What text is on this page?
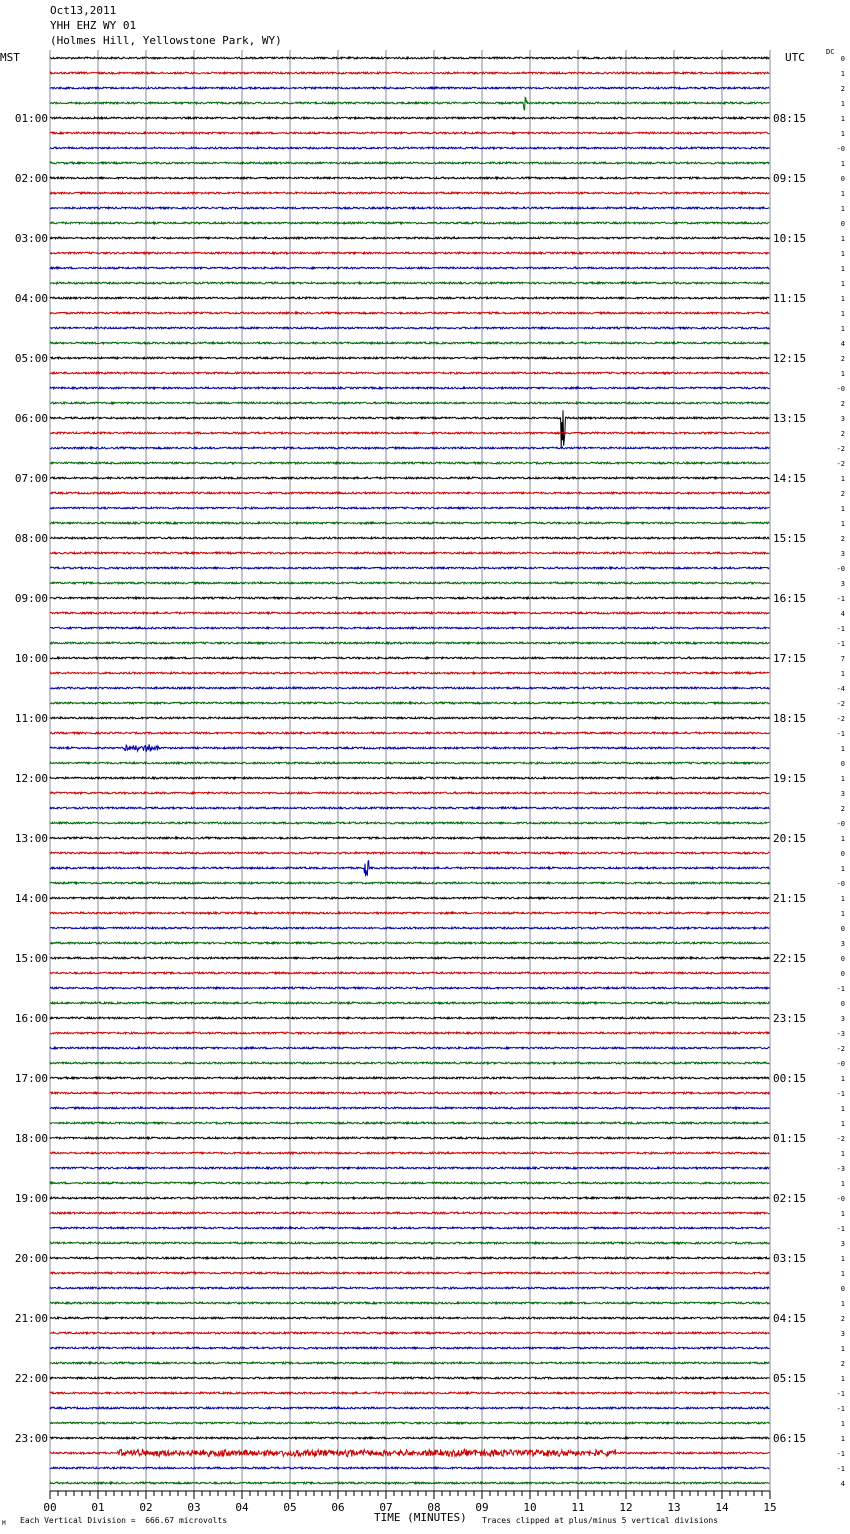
Oct13,2011
YHH EHZ WY 01
(Holmes Hill, Yellowstone Park, WY)
MST	UTC	DC
01:00
02:00
03:00
04:00
05:00
06:00
07:00
08:00
09:00
10:00
11:00
12:00
13:00
14:00
15:00
16:00
17:00
18:00
19:00
20:00
21:00
22:00
23:00
08:15
09:15
10:15
11:15
12:15
13:15
14:15
15:15
16:15
17:15
18:15
19:15
20:15
21:15
22:15
23:15
00:15
01:15
02:15
03:15
04:15
05:15
06:15
0
1
2
1
1
1
-0
1
0
1
1
0
1
1
1
1
1
1
1
4
2
1
-0
2
3
2
-2
-2
1
2
1
1
2
3
-0
3
-1
4
-1
-1
7
1
-4
-2
-2
-1
1
0
1
3
2
-0
1
0
1
-0
1
1
0
3
0
0
-1
0
3
-3
-2
-0
1
-1
1
1
-2
1
-3
1
-0
1
-1
3
1
1
0
1
2
3
1
2
1
-1
-1
1
1
-1
-1
4
00	01	02	03	04	05	06	07	08	09	10	11	12	13	14	15
TIME (MINUTES)
M Each Vertical Division =  666.67 microvolts	Traces clipped at plus/minus 5 vertical divisions
